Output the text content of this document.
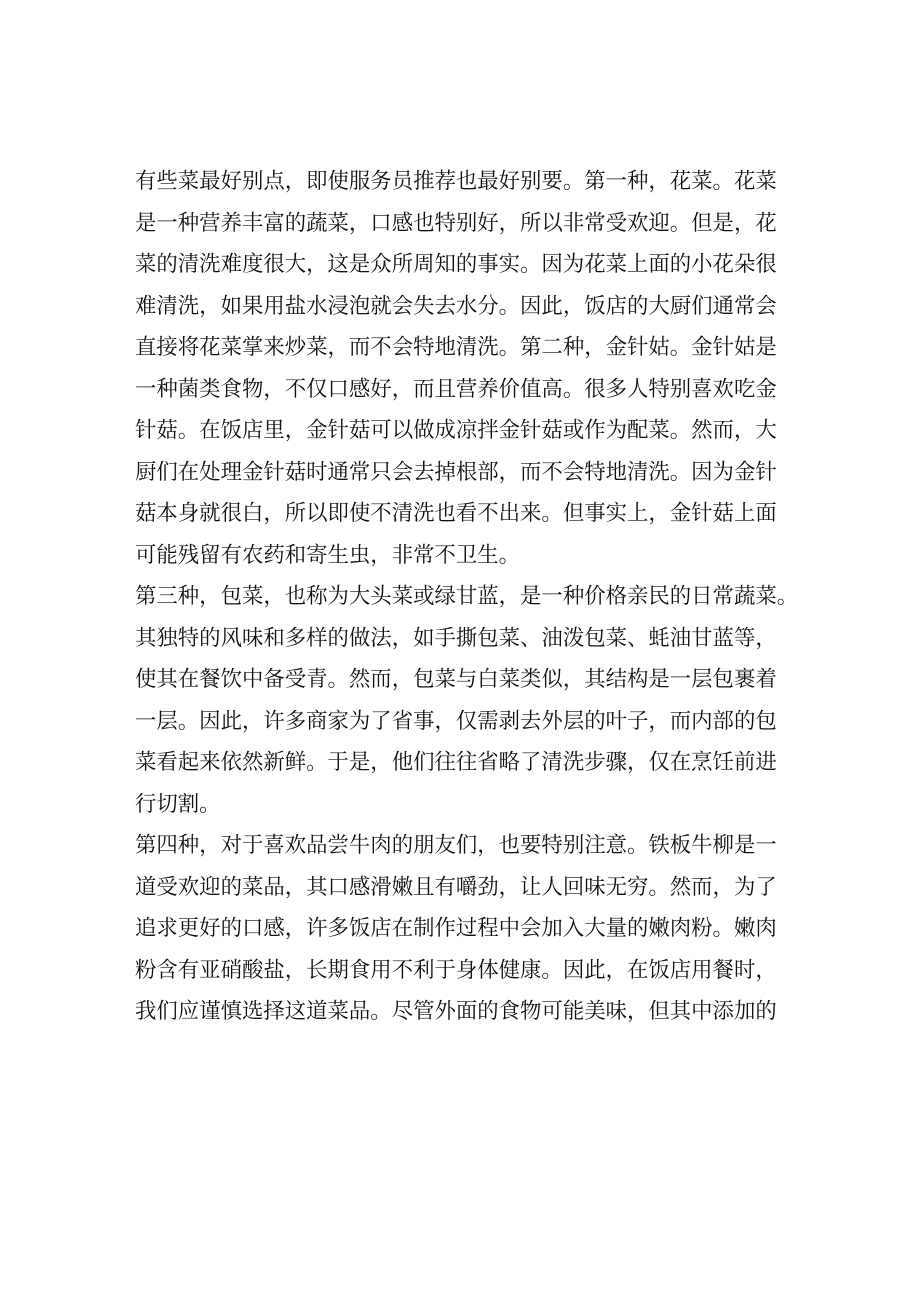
有些菜最好别点，即使服务员推荐也最好别要。第一种，花菜。花菜
是一种营养丰富的蔬菜，口感也特别好，所以非常受欢迎。但是，花
菜的清洗难度很大，这是众所周知的事实。因为花菜上面的小花朵很
难清洗，如果用盐水浸泡就会失去水分。因此，饭店的大厨们通常会
直接将花菜掌来炒菜，而不会特地清洗。第二种，金针姑。金针姑是
一种菌类食物，不仅口感好，而且营养价值高。很多人特别喜欢吃金
针菇。在饭店里，金针菇可以做成凉拌金针菇或作为配菜。然而，大
厨们在处理金针菇时通常只会去掉根部，而不会特地清洗。因为金针
菇本身就很白，所以即使不清洗也看不出来。但事实上，金针菇上面
可能残留有农药和寄生虫，非常不卫生。
第三种，包菜，也称为大头菜或绿甘蓝，是一种价格亲民的日常蔬菜。
其独特的风味和多样的做法，如手撕包菜、油泼包菜、蚝油甘蓝等，
使其在餐饮中备受青。然而，包菜与白菜类似，其结构是一层包裹着
一层。因此，许多商家为了省事，仅需剥去外层的叶子，而内部的包
菜看起来依然新鲜。于是，他们往往省略了清洗步骤，仅在烹饪前进
行切割。
第四种，对于喜欢品尝牛肉的朋友们，也要特别注意。铁板牛柳是一
道受欢迎的菜品，其口感滑嫩且有嚼劲，让人回味无穷。然而，为了
追求更好的口感，许多饭店在制作过程中会加入大量的嫩肉粉。嫩肉
粉含有亚硝酸盐，长期食用不利于身体健康。因此，在饭店用餐时，
我们应谨慎选择这道菜品。尽管外面的食物可能美味，但其中添加的
